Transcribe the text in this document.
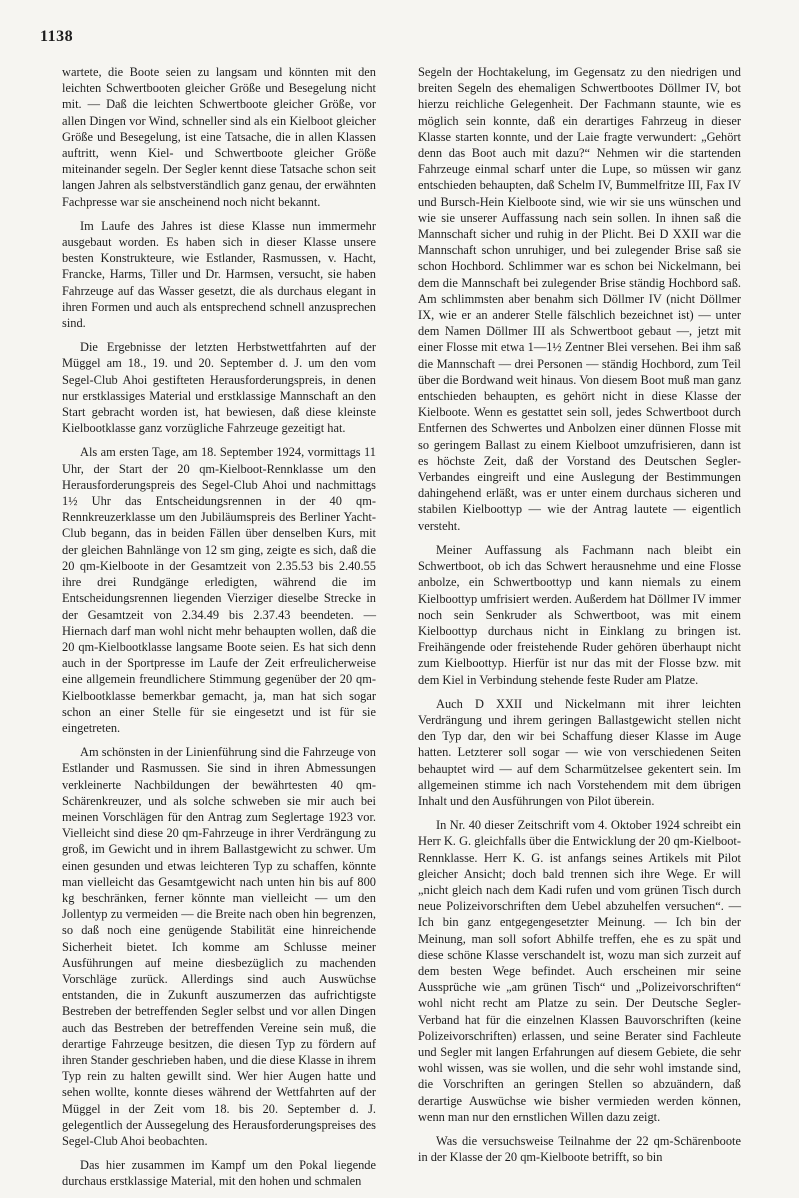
1138

wartete, die Boote seien zu langsam und könnten mit den leichten Schwertbooten gleicher Größe und Besegelung nicht mit. — Daß die leichten Schwertboote gleicher Größe, vor allen Dingen vor Wind, schneller sind als ein Kielboot gleicher Größe und Besegelung, ist eine Tatsache, die in allen Klassen auftritt, wenn Kiel- und Schwertboote gleicher Größe miteinander segeln. Der Segler kennt diese Tatsache schon seit langen Jahren als selbstverständlich ganz genau, der erwähnten Fachpresse war sie anscheinend noch nicht bekannt.

Im Laufe des Jahres ist diese Klasse nun immermehr ausgebaut worden. Es haben sich in dieser Klasse unsere besten Konstrukteure, wie Estlander, Rasmussen, v. Hacht, Francke, Harms, Tiller und Dr. Harmsen, versucht, sie haben Fahrzeuge auf das Wasser gesetzt, die als durchaus elegant in ihren Formen und auch als entsprechend schnell anzusprechen sind.

Die Ergebnisse der letzten Herbstwettfahrten auf der Müggel am 18., 19. und 20. September d. J. um den vom Segel-Club Ahoi gestifteten Herausforderungspreis, in denen nur erstklassiges Material und erstklassige Mannschaft an den Start gebracht worden ist, hat bewiesen, daß diese kleinste Kielbootklasse ganz vorzügliche Fahrzeuge gezeitigt hat.

Als am ersten Tage, am 18. September 1924, vormittags 11 Uhr, der Start der 20 qm-Kielboot-Rennklasse um den Herausforderungspreis des Segel-Club Ahoi und nachmittags 1½ Uhr das Entscheidungsrennen in der 40 qm-Rennkreuzerklasse um den Jubiläumspreis des Berliner Yacht-Club begann, das in beiden Fällen über denselben Kurs, mit der gleichen Bahnlänge von 12 sm ging, zeigte es sich, daß die 20 qm-Kielboote in der Gesamtzeit von 2.35.53 bis 2.40.55 ihre drei Rundgänge erledigten, während die im Entscheidungsrennen liegenden Vierziger dieselbe Strecke in der Gesamtzeit von 2.34.49 bis 2.37.43 beendeten. — Hiernach darf man wohl nicht mehr behaupten wollen, daß die 20 qm-Kielbootklasse langsame Boote seien. Es hat sich denn auch in der Sportpresse im Laufe der Zeit erfreulicherweise eine allgemein freundlichere Stimmung gegenüber der 20 qm-Kielbootklasse bemerkbar gemacht, ja, man hat sich sogar schon an einer Stelle für sie eingesetzt und ist für sie eingetreten.

Am schönsten in der Linienführung sind die Fahrzeuge von Estlander und Rasmussen. Sie sind in ihren Abmessungen verkleinerte Nachbildungen der bewährtesten 40 qm-Schärenkreuzer, und als solche schweben sie mir auch bei meinen Vorschlägen für den Antrag zum Seglertage 1923 vor. Vielleicht sind diese 20 qm-Fahrzeuge in ihrer Verdrängung zu groß, im Gewicht und in ihrem Ballastgewicht zu schwer. Um einen gesunden und etwas leichteren Typ zu schaffen, könnte man vielleicht das Gesamtgewicht nach unten hin bis auf 800 kg beschränken, ferner könnte man vielleicht — um den Jollentyp zu vermeiden — die Breite nach oben hin begrenzen, so daß noch eine genügende Stabilität eine hinreichende Sicherheit bietet. Ich komme am Schlusse meiner Ausführungen auf meine diesbezüglich zu machenden Vorschläge zurück. Allerdings sind auch Auswüchse entstanden, die in Zukunft auszumerzen das aufrichtigste Bestreben der betreffenden Segler selbst und vor allen Dingen auch das Bestreben der betreffenden Vereine sein muß, die derartige Fahrzeuge besitzen, die diesen Typ zu fördern auf ihren Stander geschrieben haben, und die diese Klasse in ihrem Typ rein zu halten gewillt sind. Wer hier Augen hatte und sehen wollte, konnte dieses während der Wettfahrten auf der Müggel in der Zeit vom 18. bis 20. September d. J. gelegentlich der Aussegelung des Herausforderungspreises des Segel-Club Ahoi beobachten.

Das hier zusammen im Kampf um den Pokal liegende durchaus erstklassige Material, mit den hohen und schmalen

Segeln der Hochtakelung, im Gegensatz zu den niedrigen und breiten Segeln des ehemaligen Schwertbootes Döllmer IV, bot hierzu reichliche Gelegenheit. Der Fachmann staunte, wie es möglich sein konnte, daß ein derartiges Fahrzeug in dieser Klasse starten konnte, und der Laie fragte verwundert: „Gehört denn das Boot auch mit dazu?“ Nehmen wir die startenden Fahrzeuge einmal scharf unter die Lupe, so müssen wir ganz entschieden behaupten, daß Schelm IV, Bummelfritze III, Fax IV und Bursch-Hein Kielboote sind, wie wir sie uns wünschen und wie sie unserer Auffassung nach sein sollen. In ihnen saß die Mannschaft sicher und ruhig in der Plicht. Bei D XXII war die Mannschaft schon unruhiger, und bei zulegender Brise saß sie schon Hochbord. Schlimmer war es schon bei Nickelmann, bei dem die Mannschaft bei zulegender Brise ständig Hochbord saß. Am schlimmsten aber benahm sich Döllmer IV (nicht Döllmer IX, wie er an anderer Stelle fälschlich bezeichnet ist) — unter dem Namen Döllmer III als Schwertboot gebaut —, jetzt mit einer Flosse mit etwa 1—1½ Zentner Blei versehen. Bei ihm saß die Mannschaft — drei Personen — ständig Hochbord, zum Teil über die Bordwand weit hinaus. Von diesem Boot muß man ganz entschieden behaupten, es gehört nicht in diese Klasse der Kielboote. Wenn es gestattet sein soll, jedes Schwertboot durch Entfernen des Schwertes und Anbolzen einer dünnen Flosse mit so geringem Ballast zu einem Kielboot umzufrisieren, dann ist es höchste Zeit, daß der Vorstand des Deutschen Segler-Verbandes eingreift und eine Auslegung der Bestimmungen dahingehend erläßt, was er unter einem durchaus sicheren und stabilen Kielboottyp — wie der Antrag lautete — eigentlich versteht.

Meiner Auffassung als Fachmann nach bleibt ein Schwertboot, ob ich das Schwert herausnehme und eine Flosse anbolze, ein Schwertboottyp und kann niemals zu einem Kielboottyp umfrisiert werden. Außerdem hat Döllmer IV immer noch sein Senkruder als Schwertboot, was mit einem Kielboottyp durchaus nicht in Einklang zu bringen ist. Freihängende oder freistehende Ruder gehören überhaupt nicht zum Kielboottyp. Hierfür ist nur das mit der Flosse bzw. mit dem Kiel in Verbindung stehende feste Ruder am Platze.

Auch D XXII und Nickelmann mit ihrer leichten Verdrängung und ihrem geringen Ballastgewicht stellen nicht den Typ dar, den wir bei Schaffung dieser Klasse im Auge hatten. Letzterer soll sogar — wie von verschiedenen Seiten behauptet wird — auf dem Scharmützelsee gekentert sein. Im allgemeinen stimme ich nach Vorstehendem mit dem übrigen Inhalt und den Ausführungen von Pilot überein.

In Nr. 40 dieser Zeitschrift vom 4. Oktober 1924 schreibt ein Herr K. G. gleichfalls über die Entwicklung der 20 qm-Kielboot-Rennklasse. Herr K. G. ist anfangs seines Artikels mit Pilot gleicher Ansicht; doch bald trennen sich ihre Wege. Er will „nicht gleich nach dem Kadi rufen und vom grünen Tisch durch neue Polizeivorschriften dem Uebel abzuhelfen versuchen“. — Ich bin ganz entgegengesetzter Meinung. — Ich bin der Meinung, man soll sofort Abhilfe treffen, ehe es zu spät und diese schöne Klasse verschandelt ist, wozu man sich zurzeit auf dem besten Wege befindet. Auch erscheinen mir seine Aussprüche wie „am grünen Tisch“ und „Polizeivorschriften“ wohl nicht recht am Platze zu sein. Der Deutsche Segler-Verband hat für die einzelnen Klassen Bauvorschriften (keine Polizeivorschriften) erlassen, und seine Berater sind Fachleute und Segler mit langen Erfahrungen auf diesem Gebiete, die sehr wohl wissen, was sie wollen, und die sehr wohl imstande sind, die Vorschriften an geringen Stellen so abzuändern, daß derartige Auswüchse wie bisher vermieden werden können, wenn man nur den ernstlichen Willen dazu zeigt.

Was die versuchsweise Teilnahme der 22 qm-Schärenboote in der Klasse der 20 qm-Kielboote betrifft, so bin
